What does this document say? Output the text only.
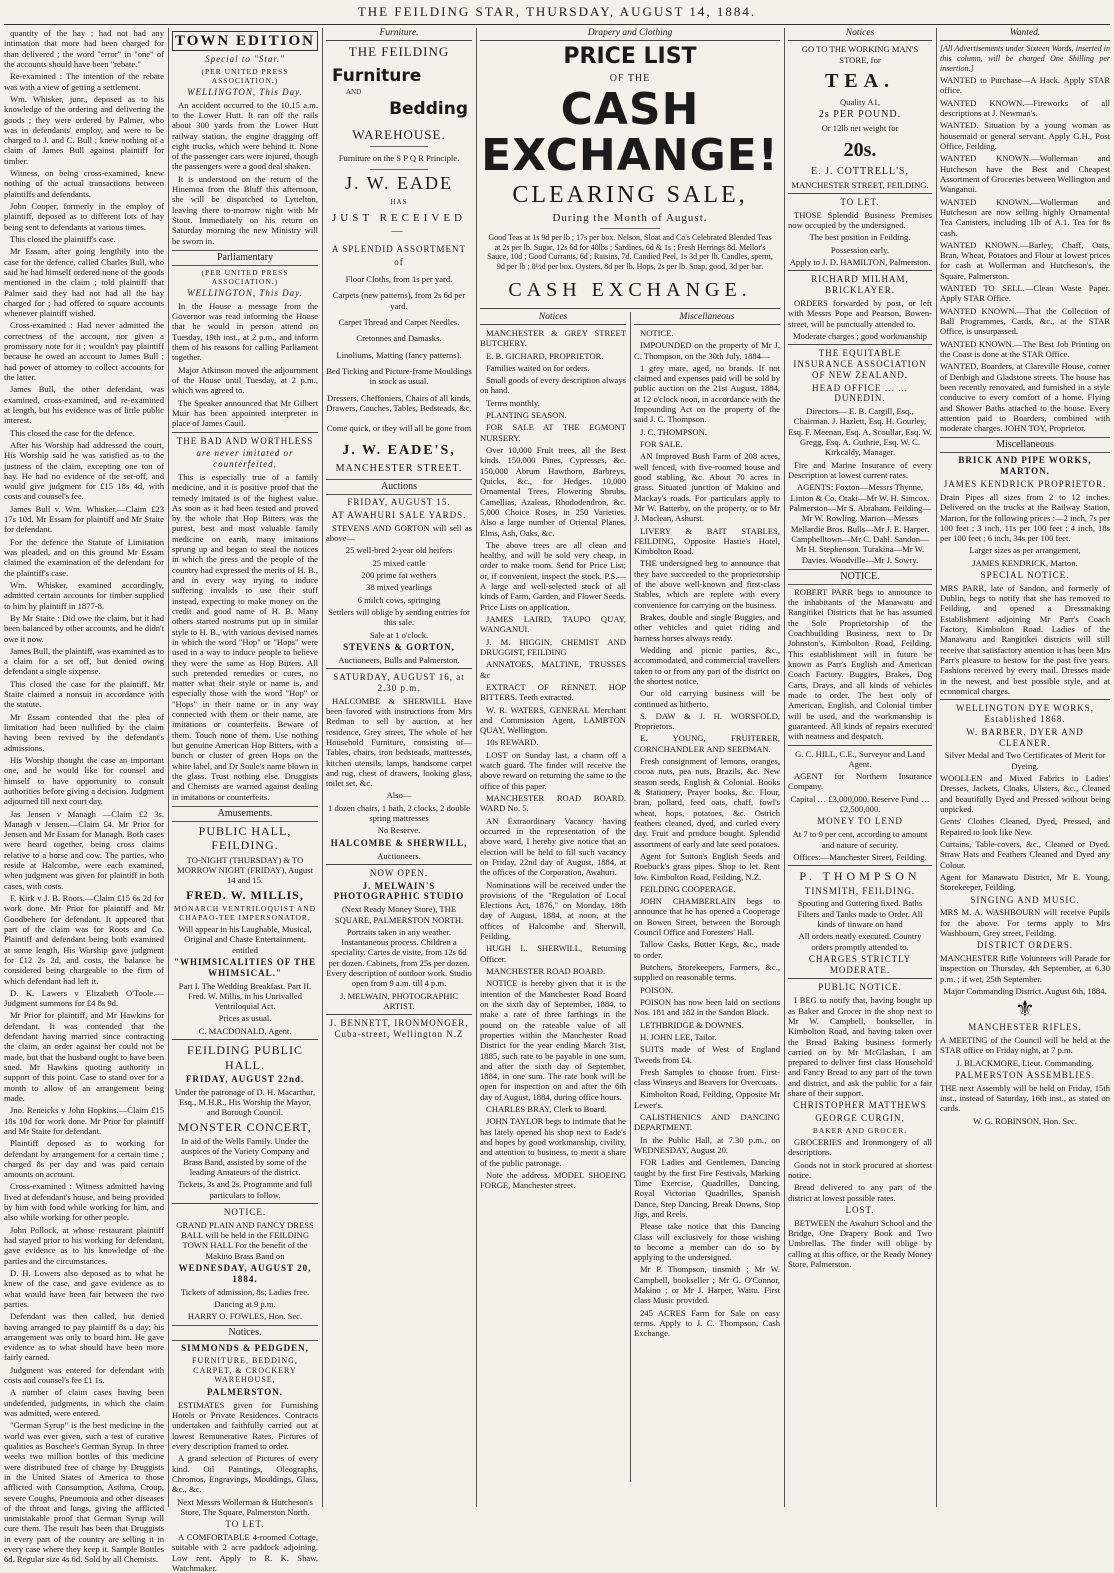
THE FEILDING STAR, THURSDAY, AUGUST 14, 1884.

quantity of the hay ; had not had any intimation that more had been charged for than delivered ; the word "error" in "one" of the accounts should have been "rebate."

Re-examined : The intention of the rebate was with a view of getting a settlement.

Wm. Whisker, junr., deposed as to his knowledge of the ordering and delivering the goods ; they were ordered by Palmer, who was in defendants' employ, and were to be charged to J. and C. Bull ; knew nothing of a claim of James Bull against plaintiff for timber.

Witness, on being cross-examined, knew nothing of the actual transactions between plaintiffs and defendants.

John Cooper, formerly in the employ of plaintiff, deposed as to different lots of hay being sent to defendants at various times.

This closed the plaintiff's case.

Mr Essam, after going lengthily into the case for the defence, called Charles Bull, who said he had himself ordered none of the goods mentioned in the claim ; told plaintiff that Palmer said they had not had all the hay charged for ; had offered to square accounts whenever plaintiff wished.

Cross-examined : Had never admitted the correctness of the account, nor given a promissory note for it ; wouldn't pay plaintiff because he owed an account to James Bull ; had power of attorney to collect accounts for the latter.

James Bull, the other defendant, was examined, cross-examined, and re-examined at length, but his evidence was of little public interest.

This closed the case for the defence.

After his Worship had addressed the court, His Worship said he was satisfied as to the justness of the claim, excepting one ton of hay. He had no evidence of the set-off, and would give judgment for £15 18s 4d, with costs and counsel's fee.

James Bull v. Wm. Whisker.—Claim £23 17s 10d. Mr Essam for plaintiff and Mr Staite for defendant.

For the defence the Statute of Limitation was pleaded, and on this ground Mr Essam claimed the examination of the defendant for the plaintiff's case.

Wm. Whisker, examined accordingly, admitted certain accounts for timber supplied to him by plaintiff in 1877-8.

By Mr Staite : Did owe the claim, but it had been balanced by other accounts, and he didn't owe it now.

James Bull, the plaintiff, was examined as to a claim for a set off, but denied owing defendant a single sixpense.

This closed the case for the plaintiff. Mr Staite claimed a nonsuit in accordance with the statute.

Mr Essam contended that the plea of limitation had been nullified by the claim having been revived by the defendant's admissions.

His Worship thought the case an important one, and he would like for counsel and himself to have opportunity to consult authorities before giving a decision. Judgment adjourned till next court day.

Jas Jensen v Managh —Claim £2 3s. Managh v Jensen.—Claim £4. Mr Prior for Jensen and Mr Essam for Managh. Both cases were heard together, being cross claims relative to a horse and cow. The parties, who reside at Halcombe, were each examined, when judgment was given for plaintiff in both cases, with costs.

F. Kirk v J. B. Roots.—Claim £15 6s 2d for work done. Mr Prior for plaintiff and Mr Goodbehere for defendant. It appeared that part of the claim was for Roots and Co. Plaintiff and defendant being both examined at some length, His Worship gave judgment for £12 2s 2d, and costs, the balance he considered being chargeable to the firm of which defendant had left it.

D. K. Lawers v Elizabeth O'Toole.—Judgment summons for £4 8s 9d.

Mr Prior for plaintiff, and Mr Hawkins for defendant. It was contended that the defendant having married since contracting the claim, an order against her could not be made, but that the husband ought to have been sued. Mr Hawkins quoting authority in support of this point. Case to stand over for a month to allow of an arrangement being made.

Jno. Reneicks v John Hopkins.—Claim £15 18s 10d for work done. Mr Prior for plaintiff and Mr Staite for defendant.

Plaintiff deposed as to working for defendant by arrangement for a certain time ; charged 8s per day and was paid certain amounts on account.

Cross-examined : Witness admitted having lived at defendant's house, and being provided by him with food while working for him, and also while working for other people.

John Pollock, at whose restaurant plaintiff had stayed prior to his working for defendant, gave evidence as to his knowledge of the parties and the circumstances.

D. H. Lowers also deposed as to what he knew of the case, and gave evidence as to what would have been fair between the two parties.

Defendant was then called, but denied having arranged to pay plaintiff 8s a day; his arrangement was only to board him. He gave evidence as to what should have been more fairly earned.

Judgment was entered for defendant with costs and counsel's fee £1 1s.

A number of claim cases having been undefended, judgments, in which the claim was admitted, were entered.

"German Syrup" is the best medicine in the world was ever given, such a test of curative qualities as Boschee's German Syrup. In three weeks two million bottles of this medicine were distributed free of charge by Druggists in the United States of America to those afflicted with Consumption, Asthma, Croup, severe Coughs, Pneumonia and other diseases of the throat and lungs, giving the afflicted unmistakable proof that German Syrup will cure them. The result has been that Druggists in every part of the country are selling it in every case where they keep it. Sample Bottles 6d. Regular size 4s 6d. Sold by all Chemists.

TOWN EDITION
Special to "Star."
(PER UNITED PRESS ASSOCIATION.)
WELLINGTON, This Day.

An accident occurred to the 10.15 a.m. to the Lower Hutt. It ran off the rails about 300 yards from the Lower Hutt railway station, the engine dragging off eight trucks, which were behind it. None of the passenger cars were injured, though the passengers were a good deal shaken.

It is understood on the return of the Hinemoa from the Bluff this afternoon, she will be dispatched to Lyttelton, leaving there to-morrow night with Mr Stout. Immediately on his return on Saturday morning the new Ministry will be sworn in.

Parliamentary
(PER UNITED PRESS ASSOCIATION.)
WELLINGTON, This Day.

In the House a message from the Governor was read informing the House that he would in person attend on Tuesday, 19th inst., at 2 p.m., and inform them of his reasons for calling Parliament together.

Major Atkinson moved the adjournment of the House until Tuesday, at 2 p.m., which was agreed to.

The Speaker announced that Mr Gilbert Muir has been appointed interpreter in place of James Cauil.

THE BAD AND WORTHLESS
are never imitated or counterfeited.

This is especially true of a family medicine, and it is positive proof that the remedy imitated is of the highest value. As soon as it had been tested and proved by the whole that Hop Bitters was the purest, best and most valuable family medicine on earth, many imitations sprung up and began to steal the notices in which the press and the people of the country had expressed the merits of H. B., and in every way trying to induce suffering invalids to use their stuff instead, expecting to make money on the credit and good name of H. B. Many others started nostrums put up in similar style to H. B., with various devised names in which the word "Hop" or "Hops" were used in a way to induce people to believe they were the same as Hop Bitters. All such pretended remedies or cures, no matter what their style or name is, and especially those with the word "Hop" or "Hops" in their name or in any way connected with them or their name, are imitations or counterfeits. Beware of them. Touch none of them. Use nothing but genuine American Hop Bitters, with a bunch or cluster of green Hops on the white label, and Dr Soule's name blown in the glass. Trust nothing else. Druggists and Chemists are warned against dealing in imitations or counterfeits.

Amusements.
PUBLIC HALL, FEILDING.

TO-NIGHT (THURSDAY) & TO MORROW NIGHT (FRIDAY), August 14 and 15.

FRED. W. MILLIS,
MONARCH VENTRILOQUIST AND CHAPAO-TEE IMPERSONATOR,

Will appear in his Laughable, Musical, Original and Chaste Entertainment, entitled

"WHIMSICALITIES OF THE WHIMSICAL."

Part I. The Wedding Breakfast. Part II. Fred. W. Millis, in his Unrivalled Ventriloquial Act.

Prices as usual.

C. MACDONALD, Agent.

FEILDING PUBLIC HALL.
FRIDAY, AUGUST 22nd.

Under the patronage of D. H. Macarthur, Esq., M.H.R., His Worship the Mayor, and Borough Council.

MONSTER CONCERT,

In aid of the Wells Family. Under the auspices of the Variety Company and Brass Band, assisted by some of the leading Amateurs of the district.

Tickets, 3s and 2s. Programme and full particulars to follow.

NOTICE.

GRAND PLAIN AND FANCY DRESS BALL will be held in the FEILDING TOWN HALL For the benefit of the Makino Brass Band on

WEDNESDAY, AUGUST 20, 1884.

Tickets of admission, 8s; Ladies free.

Dancing at 9 p.m.

HARRY O. FOWLES, Hon. Sec.

Notices.
SIMMONDS & PEDGDEN,
FURNITURE, BEDDING, CARPET, & CROCKERY WAREHOUSE,
PALMERSTON.

ESTIMATES given for Furnishing Hotels or Private Residences. Contracts undertaken and faithfully carried out at lowest Remunerative Rates. Pictures of every description framed to order.

A grand selection of Pictures of every kind. Oil Paintings, Oleographs, Chromos, Engravings, Mouldings, Glass, &c., &c.

Next Messrs Wollerman & Hutcheson's Store, The Square, Palmerston North.

TO LET.

A COMFORTABLE 4-roomed Cottage, suitable with 2 acre paddock adjoining. Low rent. Apply to R. K. Shaw, Watchmaker.

Furniture.
THE FEILDING
Furniture
AND
Bedding
WAREHOUSE.

Furniture on the S P Q R Principle.

J. W. EADE
HAS
JUST RECEIVED—
A SPLENDID ASSORTMENT
of

Floor Cloths, from 1s per yard.

Carpets (new patterns), from 2s 6d per yard.

Carpet Thread and Carpet Needles.

Cretonnes and Damasks.

Linoliums, Matting (fancy patterns).

Bed Ticking and Picture-frame Mouldings in stock as usual.

Dressers, Cheffoniers, Chairs of all kinds, Drawers, Couches, Tables, Bedsteads, &c.

Come quick, or they will all be gone from

J. W. EADE'S,
MANCHESTER STREET.
Auctions
FRIDAY, AUGUST 15.
AT AWAHURI SALE YARDS.

STEVENS AND GORTON will sell as above—

25 well-bred 2-year old heifers

25 mixed cattle

200 prime fat wethers

38 mixed yearlings

6 milch cows, springing

Settlers will oblige by sending entries for this sale.

Sale at 1 o'clock.

STEVENS & GORTON,

Auctioneers, Bulls and Palmerston.

SATURDAY, AUGUST 16, at 2.30 p.m.

HALCOMBE & SHERWILL Have been favored with instructions from Mrs Redman to sell by auction, at her residence, Grey street, The whole of her Household Furniture, consisting of— Tables, chairs, iron bedsteads, mattresses, kitchen utensils, lamps, handsome carpet and rug, chest of drawers, looking glass, toilet set, &c.

Also—

1 dozen chairs, 1 bath, 2 clocks, 2 double spring mattresses

No Reserve.

HALCOMBE & SHERWILL,

Auctioneers.

NOW OPEN.
J. MELWAIN'S PHOTOGRAPHIC STUDIO

(Next Ready Money Store), THE SQUARE, PALMERSTON NORTH.

Portraits taken in any weather. Instantaneous process. Children a speciality. Cartes de visite, from 12s 6d per dozen. Cabinets, from 25s per dozen. Every description of outdoor work. Studio open from 9 a.m. till 4 p.m.

J. MELWAIN, PHOTOGRAPHIC ARTIST.

J. BENNETT, IRONMONGER, Cuba-street, Wellington N.Z
Drapery and Clothing
PRICE LIST
OF THE
CASH EXCHANGE!
CLEARING SALE,
During the Month of August.

Good Teas at 1s 9d per lb ; 17s per box. Nelson, Sloat and Co's Celebrated Blended Teas at 2s per lb. Sugar, 12s 6d for 40lbs ; Sardines, 6d & 1s ; Fresh Herrings 8d. Mellor's Sauce, 10d ; Good Currants, 6d ; Raisins, 7d. Candied Peel, 1s 3d per lb. Candles, sperm, 9d per lb ; 8½d per box. Oysters, 8d per lb. Hops, 2s per lb. Soap, good, 3d per bar.

CASH EXCHANGE.
Notices

MANCHESTER & GREY STREET BUTCHERY.

E. B. GICHARD, PROPRIETOR.

Families waited on for orders.

Small goods of every description always on hand.

Terms monthly.

PLANTING SEASON.

FOR SALE AT THE EGMONT NURSERY.

Over 10,000 Fruit trees, all the Best kinds. 150,000 Pines, Cypresses, &c. 150,000 Abrum Hawthorn, Barbreys, Quicks, &c., for Hedges. 10,000 Ornamental Trees, Flowering Shrubs, Camellias, Azaleas, Rhododendron, &c. 5,000 Choice Roses, in 250 Varieties. Also a large number of Oriental Planes, Elms, Ash, Oaks, &c.

The above trees are all clean and healthy, and will be sold very cheap, in order to make room. Send for Price List; or, if convenient, inspect the stock. P.S.—A large and well-selected stock of all kinds of Farm, Garden, and Flower Seeds. Price Lists on application.

JAMES LAIRD, TAUPO QUAY, WANGANUI.

J. M. HIGGIN, CHEMIST AND DRUGGIST, FEILDING

ANNATOES, MALTINE, TRUSSES &c

EXTRACT OF RENNET. HOP BITTERS. Teeth extracted.

W. R. WATERS, GENERAL Merchant and Commission Agent, LAMBTON QUAY, Wellington.

10s REWARD.

LOST on Sunday last, a charm off a watch guard. The finder will receive the above reward on returning the same to the office of this paper.

MANCHESTER ROAD BOARD. WARD No. 5.

AN Extraordinary Vacancy having occurred in the representation of the above ward, I hereby give notice that an election will be held to fill such vacancy on Friday, 22nd day of August, 1884, at the offices of the Corporation, Awahuri.

Nominations will be received under the provisions of the "Regulation of Local Elections Act, 1876," on Monday, 18th day of August, 1884, at noon, at the offices of Halcombe and Sherwill, Feilding.

HUGH L. SHERWILL, Returning Officer.

MANCHESTER ROAD BOARD.

NOTICE is hereby given that it is the intention of the Manchester Road Board on the sixth day of September, 1884, to make a rate of three farthings in the pound on the rateable value of all properties within the Manchester Road District for the year ending March 31st, 1885, such rate to be payable in one sum, and after the sixth day of September, 1884, in one sum. The rate book will be open for inspection on and after the 6th day of August, 1884, during office hours.

CHARLES BRAY, Clerk to Board.

JOHN TAYLOR begs to intimate that he has lately opened his shop next to Eade's and hopes by good workmanship, civility, and attention to business, to merit a share of the public patronage.

Note the address. MODEL SHOEING FORGE, Manchester street.

Miscellaneous

NOTICE.

IMPOUNDED on the property of Mr J. C. Thompson, on the 30th July, 1884—

1 grey mare, aged, no brands. If not claimed and expenses paid will be sold by public auction on the 21st August, 1884, at 12 o'clock noon, in accordance with the Impounding Act on the property of the said J. C. Thompson.

J. C. THOMPSON.

FOR SALE.

AN Improved Bush Farm of 208 acres, well fenced, with five-roomed house and good stabling, &c. About 70 acres in grass. Situated junction of Makino and Mackay's roads. For particulars apply to Mr W. Batterby, on the property, or to Mr J. Maclean, Ashurst.

LIVERY & BAIT STABLES, FEILDING, Opposite Hastie's Hotel, Kimbolton Road.

THE undersigned beg to announce that they have succeeded to the proprietorship of the above well-known and first-class Stables, which are replete with every convenience for carrying on the business.

Brakes, double and single Buggies, and other vehicles and quiet riding and harness horses always ready.

Wedding and picnic parties, &c., accommodated, and commercial travellers taken to or from any part of the district on the shortest notice.

Our old carrying business will be continued as hitherto.

S. DAW & J. H. WORSFOLD, Proprietors.

E. YOUNG, FRUITERER, CORNCHANDLER AND SEEDMAN.

Fresh consignment of lemons, oranges, cocoa nuts, pea nuts, Brazils, &c. New season seeds, English & Colonial. Books & Stationery, Prayer books, &c. Flour, bran, pollard, feed oats, chaff, fowl's wheat, hops, potatoes, &c. Ostrich feathers cleaned, dyed, and curled every day. Fruit and produce bought. Splendid assortment of early and late seed potatoes.

Agent for Sutton's English Seeds and Roebuck's grass pipes. Shop to let. Rent low. Kimbolton Road, Feilding, N.Z.

FEILDING COOPERAGE.

JOHN CHAMBERLAIN begs to announce that he has opened a Cooperage on Bowen Street, between the Borough Council Office and Foresters' Hall.

Tallow Casks, Butter Kegs, &c., made to order.

Butchers, Storekeepers, Farmers, &c., supplied on reasonable terms.

POISON.

POISON has now been laid on sections Nos. 181 and 182 in the Sandon Block.

LETHBRIDGE & DOWNES.

H. JOHN LEE, Tailor.

SUITS made of West of England Tweeds from £4.

Fresh Samples to choose from. First-class Winseys and Beavers for Overcoats.

Kimbolton Road, Feilding, Opposite Mr Lewer's.

CALISTHENICS AND DANCING DEPARTMENT.

In the Public Hall, at 7.30 p.m., on WEDNESDAY, August 20.

FOR Ladies and Gentlemen, Dancing taught by the first Fire Festivals, Marking Time Exercise, Quadrilles, Dancing, Royal Victorian Quadrilles, Spanish Dance, Step Dancing, Break Downs, Stop Jigs, and Reels.

Please take notice that this Dancing Class will exclusively for those wishing to become a member can do so by applying to the undersigned.

Mr P. Thompson, tinsmith ; Mr W. Campbell, bookseller ; Mr G. O'Connor, Makino ; or Mr J. Harper, Waitu. First class Music provided.

245 ACRES Farm for Sale on easy terms. Apply to J. C. Thompson, Cash Exchange.

Notices

GO TO THE WORKING MAN'S STORE, for

TEA.

Quality A1,

2s PER POUND.

Or 12lb net weight for

20s.
E. J. COTTRELL'S,

MANCHESTER STREET, FEILDING.

TO LET.

THOSE Splendid Business Premises now occupied by the undersigned.

The best position in Feilding.

Possession early.

Apply to J. D. HAMILTON, Palmerston.

RICHARD MILHAM, BRICKLAYER.

ORDERS forwarded by post, or left with Messrs Pope and Pearson, Bowen-street, will be punctually attended to.

Moderate charges ; good workmanship

THE EQUITABLE INSURANCE ASSOCIATION OF NEW ZEALAND.
HEAD OFFICE … … DUNEDIN.

Directors— E. B. Cargill, Esq., Chairman. J. Hazlett, Esq. H. Gourley, Esq. F. Meenan, Esq. A. Scoullar, Esq. W. Gregg, Esq. A. Guthrie, Esq. W. C. Kirkcaldy, Manager.

Fire and Marine Insurance of every Description at lowest current rates.

AGENTS: Foxton—Messrs Thynne, Linton & Co. Otaki—Mr W. H. Simcox. Palmerston—Mr S. Abraham. Feilding—Mr W. Rowling. Marton—Messrs Mellardie Bros. Bulls—Mr J. E. Harper. Campbelltown—Mr C. Dahl. Sandon—Mr H. Stephenson. Turakina—Mr W. Davies. Woodville—Mr J. Sowry.

NOTICE.

ROBERT PARR begs to announce to the inhabitants of the Manawatu and Rangitikei Districts that he has assumed the Sole Proprietorship of the Coachbuilding Business, next to Dr Johnston's, Kimbolton Road, Feilding. This establishment will in future be known as Parr's English and American Coach Factory. Buggies, Brakes, Dog Carts, Drays, and all kinds of vehicles made to order. The best only of American, English, and Colonial timber will be used, and the workmanship is guaranteed. All kinds of repairs executed with neatness and despatch.

G. C. HILL, C.E., Surveyor and Land Agent.

AGENT for Northern Insurance Company.

Capital … £3,000,000. Reserve Fund … £2,500,000.

MONEY TO LEND

At 7 to 9 per cent, according to amount and nature of security.

Offices:—Manchester Street, Feilding.

P. THOMPSON
TINSMITH, FEILDING.

Spouting and Guttering fixed. Baths Filters and Tanks made to Order. All kinds of tinware on hand

All orders neatly executed. Country orders promptly attended to.

CHARGES STRICTLY MODERATE.
PUBLIC NOTICE.

I BEG to notify that, having bought up as Baker and Grocer in the shop next to Mr W. Campbell, bookseller, in Kimbolton Road, and having taken over the Bread Baking business formerly carried on by Mr McGlashan, I am prepared to deliver first class Household and Fancy Bread to any part of the town and district, and ask the public for a fair share of their support.

CHRISTOPHER MATTHEWS
GEORGE CURGIN,
BAKER AND GROCER.

GROCERIES and Ironmongery of all descriptions.

Goods not in stock procured at shortest notice.

Bread delivered to any part of the district at lowest possible rates.

LOST.

BETWEEN the Awahuri School and the Bridge, One Drapery Book and Two Umbrellas. The finder will oblige by calling at this office, or the Ready Money Store, Palmerston.

Wanted.

[All Advertisements under Sixteen Words, inserted in this column, will be charged One Shilling per insertion.]

WANTED to Purchase—A Hack. Apply STAR office.

WANTED KNOWN.—Fireworks of all descriptions at J. Newman's.

WANTED. Situation by a young woman as housemaid or general servant. Apply G.H., Post Office, Feilding.

WANTED KNOWN.—Wollerman and Hutcheson have the Best and Cheapest Assortment of Groceries between Wellington and Wanganui.

WANTED KNOWN.—Wollerman and Hutcheson are now selling highly Ornamental Tea Canisters, including 1lb of A.1. Tea for 8s cash.

WANTED KNOWN.—Barley, Chaff, Oats, Bran, Wheat, Potatoes and Flour at lowest prices for cash at Wollerman and Hutcheson's, the Square, Palmerston.

WANTED TO SELL.—Clean Waste Paper. Apply STAR Office.

WANTED KNOWN.—That the Collection of Ball Programmes, Cards, &c., at the STAR Office, is unsurpassed.

WANTED KNOWN.—The Best Job Printing on the Coast is done at the STAR Office.

WANTED, Boarders, at Clareville House, corner of Denbigh and Gladstone streets. The house has been recently renovated, and furnished in a style conducive to every comfort of a home. Flying and Shower Baths attached to the house. Every attention paid to Boarders, combined with moderate charges. JOHN TOY, Proprietor.

Miscellaneous
BRICK AND PIPE WORKS, MARTON.
JAMES KENDRICK PROPRIETOR.

Drain Pipes all sizes from 2 to 12 inches. Delivered on the trucks at the Railway Station, Marton, for the following prices :—2 inch, 7s per 100 feet ; 3 inch, 11s per 100 feet ; 4 inch, 18s per 100 feet ; 6 inch, 34s per 100 feet.

Larger sizes as per arrangement,

JAMES KENDRICK, Marton.

SPECIAL NOTICE.

MRS PARR, late of Sandon, and formerly of Dublin, begs to notify that she has removed to Feilding, and opened a Dressmaking Establishment adjoining Mr Parr's Coach Factory, Kimbolton Road. Ladies of the Manawatu and Rangitikei districts will still receive that satisfactory attention it has been Mrs Parr's pleasure to bestow for the past five years. Fashions received by every mail. Dresses made in the newest, and best possible style, and at economical charges.

WELLINGTON DYE WORKS, Established 1868.
W. BARBER, DYER AND CLEANER.

Silver Medal and Two Certificates of Merit for Dyeing.

WOOLLEN and Mixed Fabrics in Ladies' Dresses, Jackets, Cloaks, Ulsters, &c., Cleaned and beautifully Dyed and Pressed without being unpicked.

Gents' Clothes Cleaned, Dyed, Pressed, and Repaired to look like New.

Curtains, Table-covers, &c., Cleaned or Dyed. Straw Hats and Feathers Cleaned and Dyed any Colour.

Agent for Manawatu District, Mr E. Young, Storekeeper, Feilding.

SINGING AND MUSIC.

MRS M. A. WASHBOURN will receive Pupils for the above. For terms apply to Mrs Washbourn, Grey street, Feilding.

DISTRICT ORDERS.

MANCHESTER Rifle Volunteers will Parade for inspection on Thursday, 4th September, at 6.30 p.m. ; if wet, 25th September.

Major Commanding District. August 6th, 1884.

⚜
MANCHESTER RIFLES.

A MEETING of the Council will be held at the STAR office on Friday night, at 7 p.m.

J. BLACKMORE, Lieut. Commanding.

PALMERSTON ASSEMBLIES.

THE next Assembly will be held on Friday, 15th inst., instead of Saturday, 16th inst., as stated on cards.

W. G. ROBINSON, Hon. Sec.
